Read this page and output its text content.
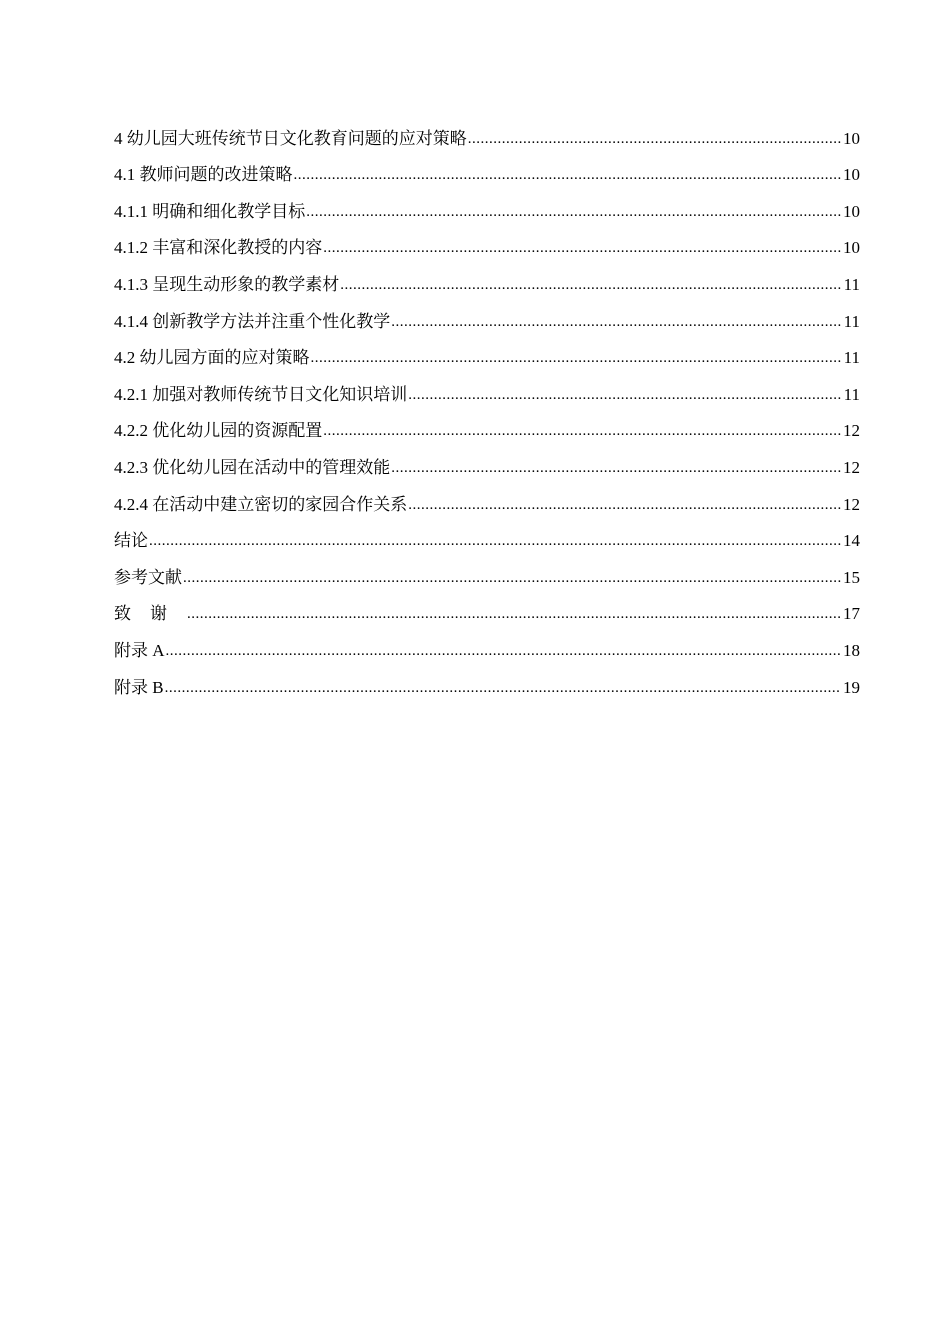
4 幼儿园大班传统节日文化教育问题的应对策略 .....	10
4.1 教师问题的改进策略 .....	10
4.1.1 明确和细化教学目标 .....	10
4.1.2 丰富和深化教授的内容 .....	10
4.1.3 呈现生动形象的教学素材 .....	11
4.1.4 创新教学方法并注重个性化教学 .....	11
4.2 幼儿园方面的应对策略 .....	11
4.2.1 加强对教师传统节日文化知识培训 .....	11
4.2.2 优化幼儿园的资源配置 .....	12
4.2.3 优化幼儿园在活动中的管理效能 .....	12
4.2.4 在活动中建立密切的家园合作关系 .....	12
结论 .....	14
参考文献 .....	15
致谢 .....	17
附录 A .....	18
附录 B .....	19
